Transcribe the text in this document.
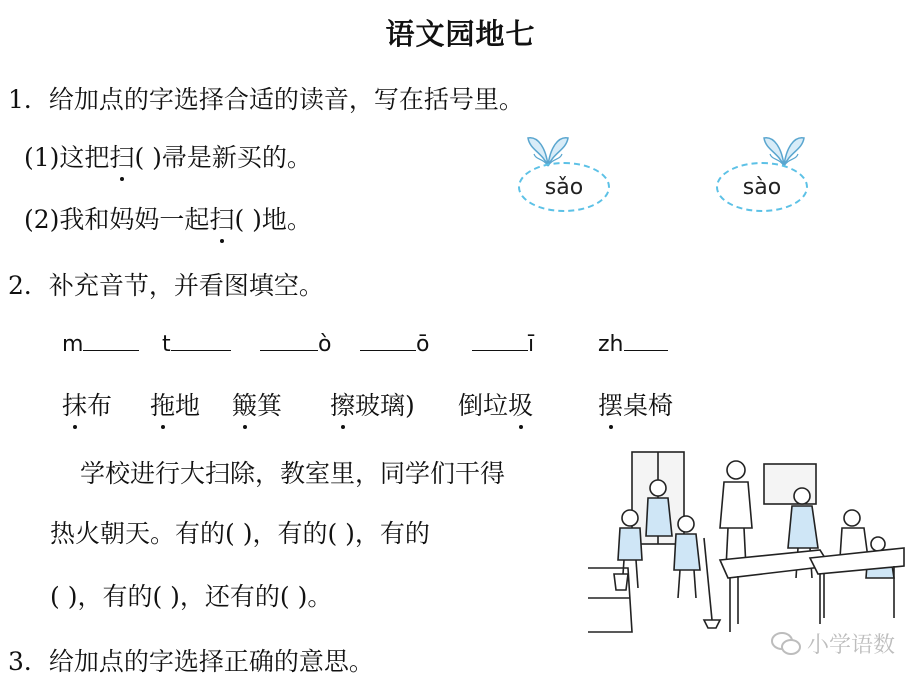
语文园地七
1．给加点的字选择合适的读音，写在括号里。
(1)这把扫( )帚是新买的。
(2)我和妈妈一起扫( )地。
sǎo	sào
2．补充音节，并看图填空。
m	t	ò	ō	ī	zh
抹布 拖地 簸箕 擦玻璃) 倒垃圾	摆桌椅
学校进行大扫除，教室里，同学们干得
热火朝天。有的( )，有的( )，有的
( )，有的( )，还有的( )。
3．给加点的字选择正确的意思。
小学语数
